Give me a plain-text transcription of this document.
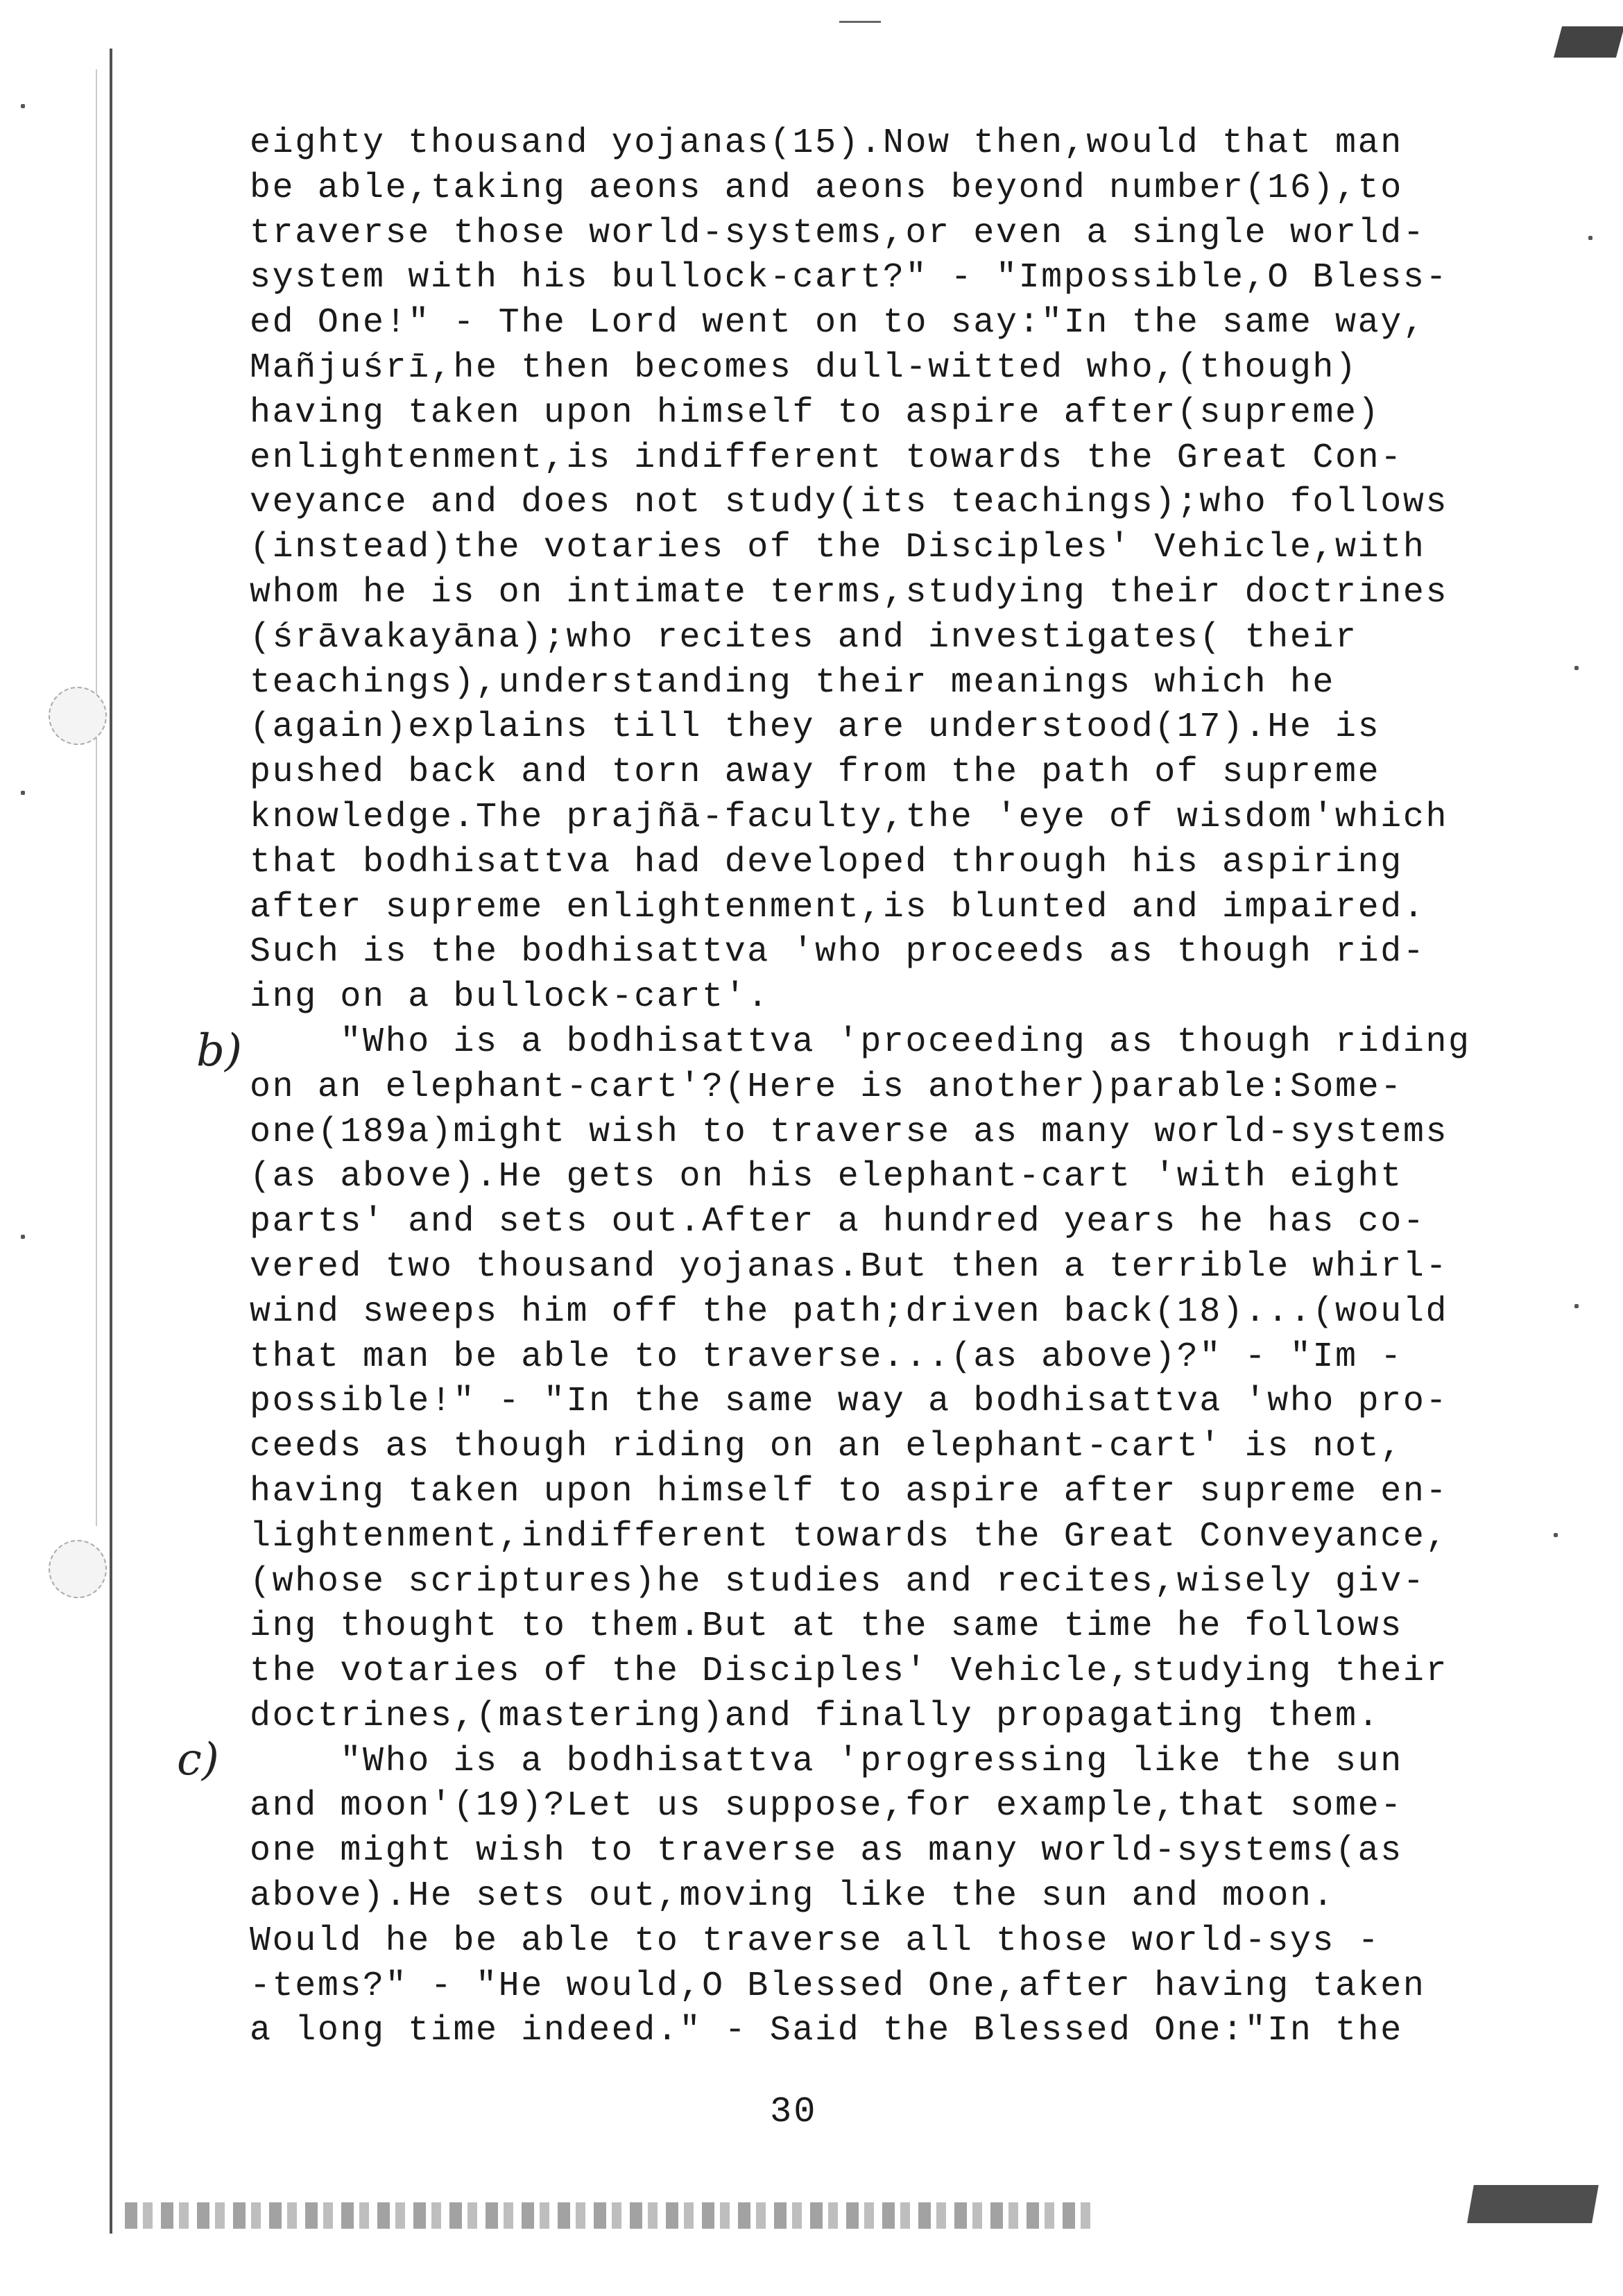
b)
c)
eighty thousand yojanas(15).Now then,would that man
be able,taking aeons and aeons beyond number(16),to
traverse those world-systems,or even a single world-
system with his bullock-cart?" - "Impossible,O Bless-
ed One!" - The Lord went on to say:"In the same way,
Mañjuśrī,he then becomes dull-witted who,(though)
having taken upon himself to aspire after(supreme)
enlightenment,is indifferent towards the Great Con-
veyance and does not study(its teachings);who follows
(instead)the votaries of the Disciples' Vehicle,with
whom he is on intimate terms,studying their doctrines
(śrāvakayāna);who recites and investigates( their
teachings),understanding their meanings which he
(again)explains till they are understood(17).He is
pushed back and torn away from the path of supreme
knowledge.The prajñā-faculty,the 'eye of wisdom'which
that bodhisattva had developed through his aspiring
after supreme enlightenment,is blunted and impaired.
Such is the bodhisattva 'who proceeds as though rid-
ing on a bullock-cart'.
"Who is a bodhisattva 'proceeding as though riding
on an elephant-cart'?(Here is another)parable:Some-
one(189a)might wish to traverse as many world-systems
(as above).He gets on his elephant-cart 'with eight
parts' and sets out.After a hundred years he has co-
vered two thousand yojanas.But then a terrible whirl-
wind sweeps him off the path;driven back(18)...(would
that man be able to traverse...(as above)?" - "Im -
possible!" - "In the same way a bodhisattva 'who pro-
ceeds as though riding on an elephant-cart' is not,
having taken upon himself to aspire after supreme en-
lightenment,indifferent towards the Great Conveyance,
(whose scriptures)he studies and recites,wisely giv-
ing thought to them.But at the same time he follows
the votaries of the Disciples' Vehicle,studying their
doctrines,(mastering)and finally propagating them.
"Who is a bodhisattva 'progressing like the sun
and moon'(19)?Let us suppose,for example,that some-
one might wish to traverse as many world-systems(as
above).He sets out,moving like the sun and moon.
Would he be able to traverse all those world-sys -
-tems?" - "He would,O Blessed One,after having taken
a long time indeed." - Said the Blessed One:"In the
30
